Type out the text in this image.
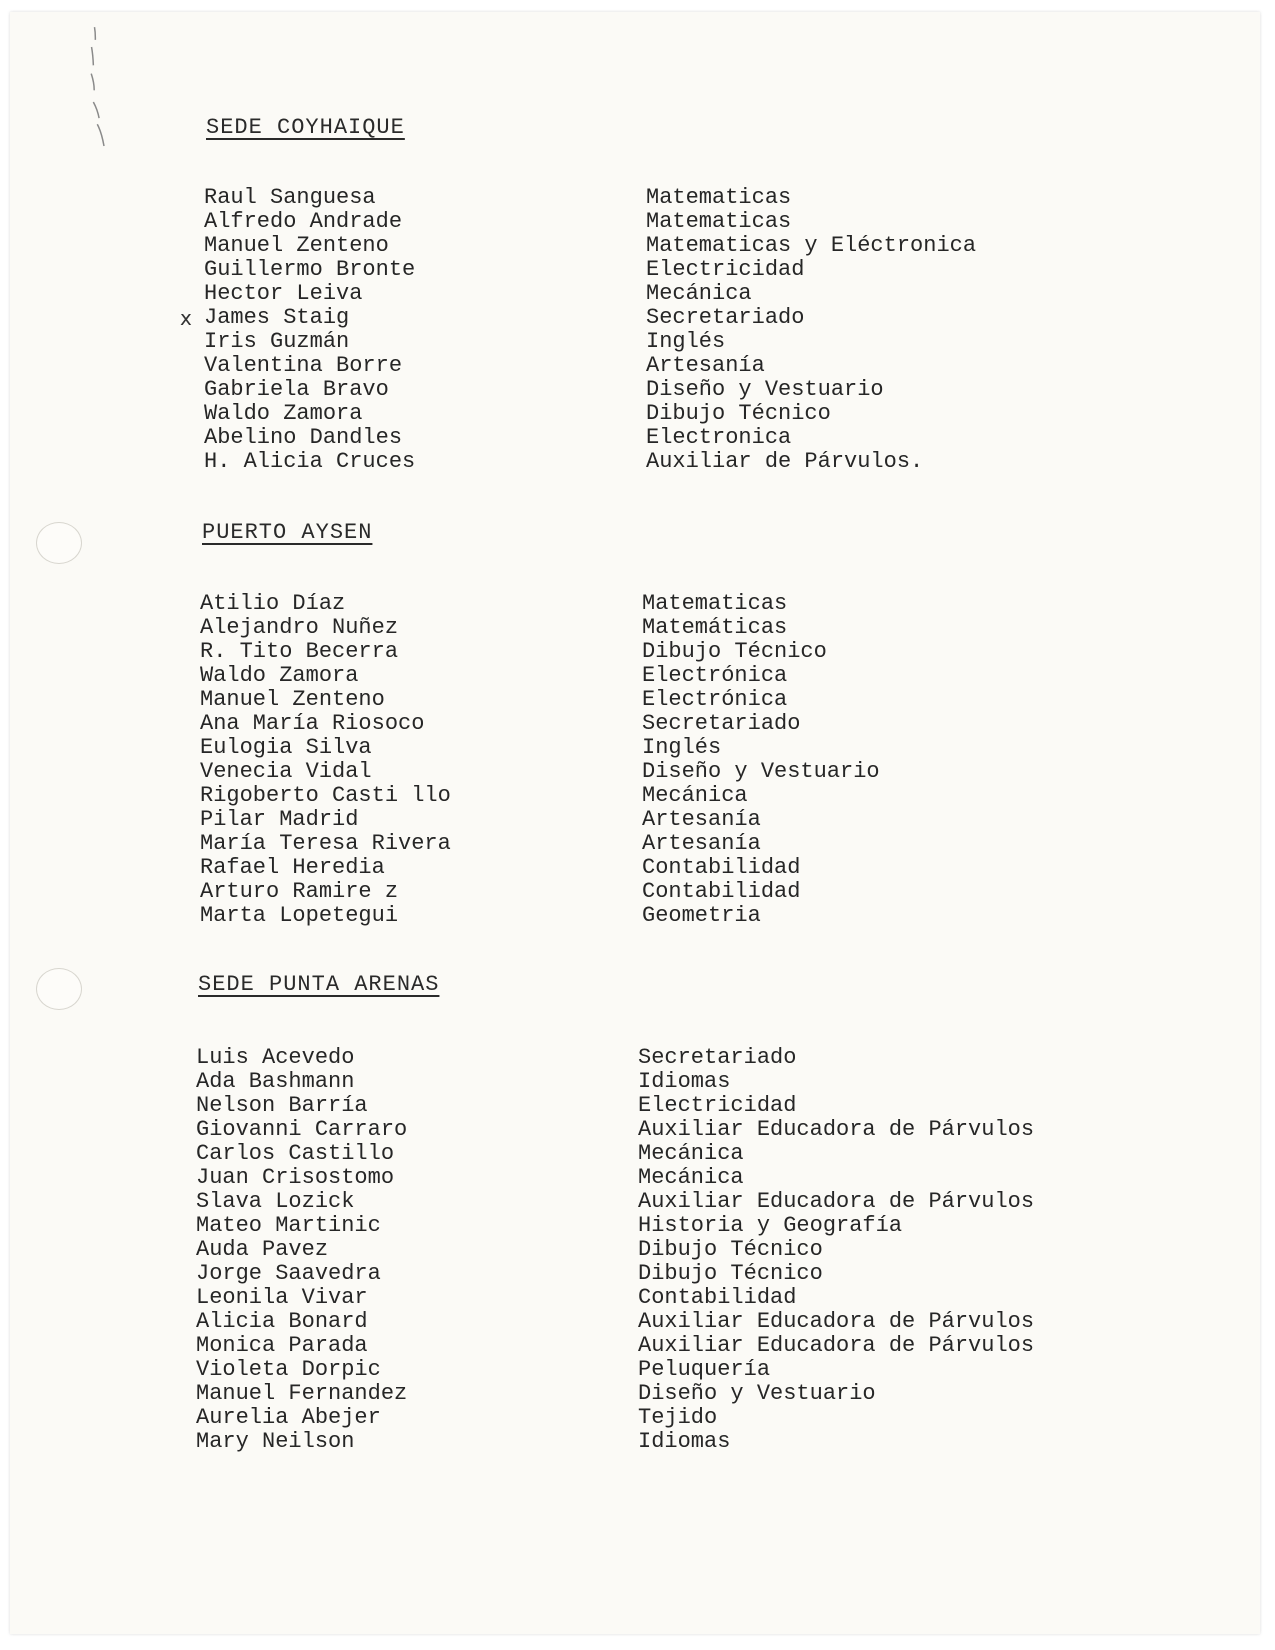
SEDE COYHAIQUE
Raul Sanguesa	Matematicas
Alfredo Andrade	Matematicas
Manuel Zenteno	Matematicas y Eléctronica
Guillermo Bronte	Electricidad
Hector Leiva	Mecánica
James Staig	Secretariado
Iris Guzmán	Inglés
Valentina Borre	Artesanía
Gabriela Bravo	Diseño y Vestuario
Waldo Zamora	Dibujo Técnico
Abelino Dandles	Electronica
H. Alicia Cruces	Auxiliar de Párvulos.
PUERTO AYSEN
Atilio Díaz	Matematicas
Alejandro Nuñez	Matemáticas
R. Tito Becerra	Dibujo Técnico
Waldo Zamora	Electrónica
Manuel Zenteno	Electrónica
Ana María Riosoco	Secretariado
Eulogia Silva	Inglés
Venecia Vidal	Diseño y Vestuario
Rigoberto Casti llo	Mecánica
Pilar Madrid	Artesanía
María Teresa Rivera	Artesanía
Rafael Heredia	Contabilidad
Arturo Ramire z	Contabilidad
Marta Lopetegui	Geometria
SEDE PUNTA ARENAS
Luis Acevedo	Secretariado
Ada Bashmann	Idiomas
Nelson Barría	Electricidad
Giovanni Carraro	Auxiliar Educadora de Párvulos
Carlos Castillo	Mecánica
Juan Crisostomo	Mecánica
Slava Lozick	Auxiliar Educadora de Párvulos
Mateo Martinic	Historia y Geografía
Auda Pavez	Dibujo Técnico
Jorge Saavedra	Dibujo Técnico
Leonila Vivar	Contabilidad
Alicia Bonard	Auxiliar Educadora de Párvulos
Monica Parada	Auxiliar Educadora de Párvulos
Violeta Dorpic	Peluquería
Manuel Fernandez	Diseño y Vestuario
Aurelia Abejer	Tejido
Mary Neilson	Idiomas
x
